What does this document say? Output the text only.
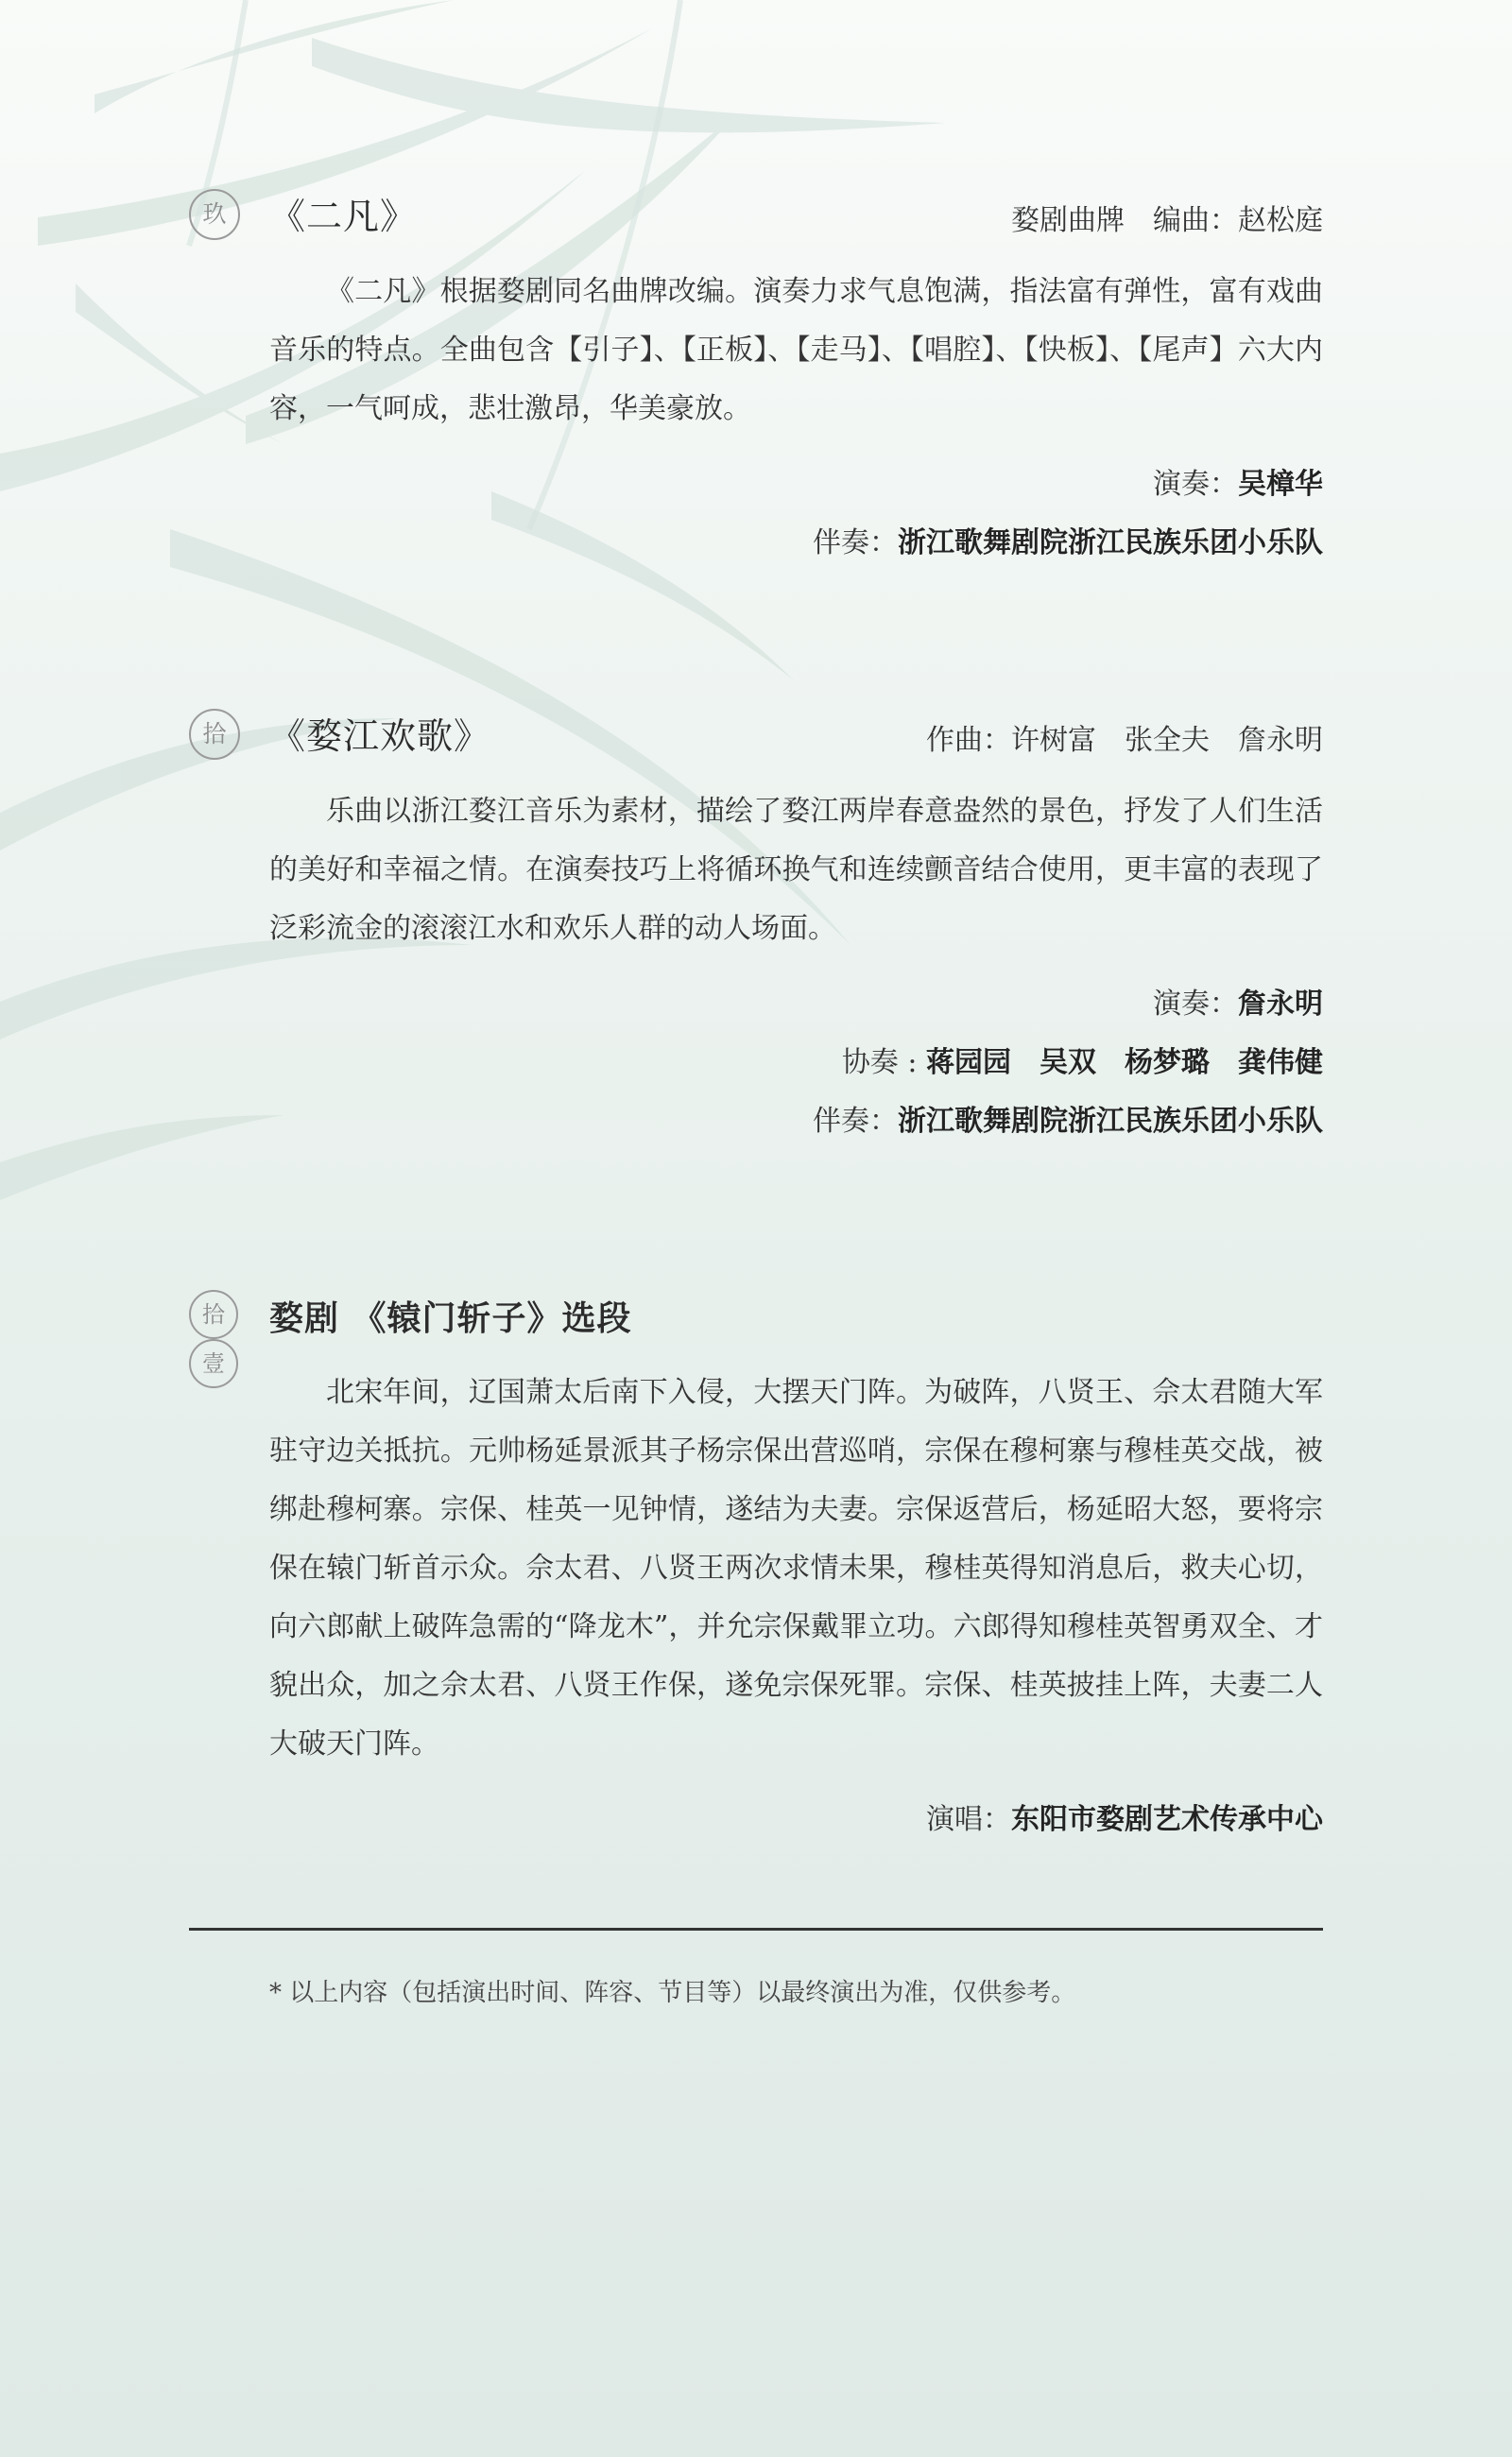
玖	《二凡》	婺剧曲牌　编曲：赵松庭
《二凡》根据婺剧同名曲牌改编。演奏力求气息饱满，指法富有弹性，富有戏曲音乐的特点。全曲包含【引子】、【正板】、【走马】、【唱腔】、【快板】、【尾声】六大内容，一气呵成，悲壮激昂，华美豪放。
演奏：吴樟华
伴奏：浙江歌舞剧院浙江民族乐团小乐队
拾	《婺江欢歌》	作曲：许树富　张全夫　詹永明
乐曲以浙江婺江音乐为素材，描绘了婺江两岸春意盎然的景色，抒发了人们生活的美好和幸福之情。在演奏技巧上将循环换气和连续颤音结合使用，更丰富的表现了泛彩流金的滚滚江水和欢乐人群的动人场面。
演奏：詹永明
协奏 : 蒋园园　吴双　杨梦璐　龚伟健
伴奏：浙江歌舞剧院浙江民族乐团小乐队
拾
壹
婺剧 《辕门斩子》选段
北宋年间，辽国萧太后南下入侵，大摆天门阵。为破阵，八贤王、佘太君随大军驻守边关抵抗。元帅杨延景派其子杨宗保出营巡哨，宗保在穆柯寨与穆桂英交战，被绑赴穆柯寨。宗保、桂英一见钟情，遂结为夫妻。宗保返营后，杨延昭大怒，要将宗保在辕门斩首示众。佘太君、八贤王两次求情未果，穆桂英得知消息后，救夫心切，向六郎献上破阵急需的“降龙木”，并允宗保戴罪立功。六郎得知穆桂英智勇双全、才貌出众，加之佘太君、八贤王作保，遂免宗保死罪。宗保、桂英披挂上阵，夫妻二人大破天门阵。
演唱：东阳市婺剧艺术传承中心
* 以上内容（包括演出时间、阵容、节目等）以最终演出为准，仅供参考。
